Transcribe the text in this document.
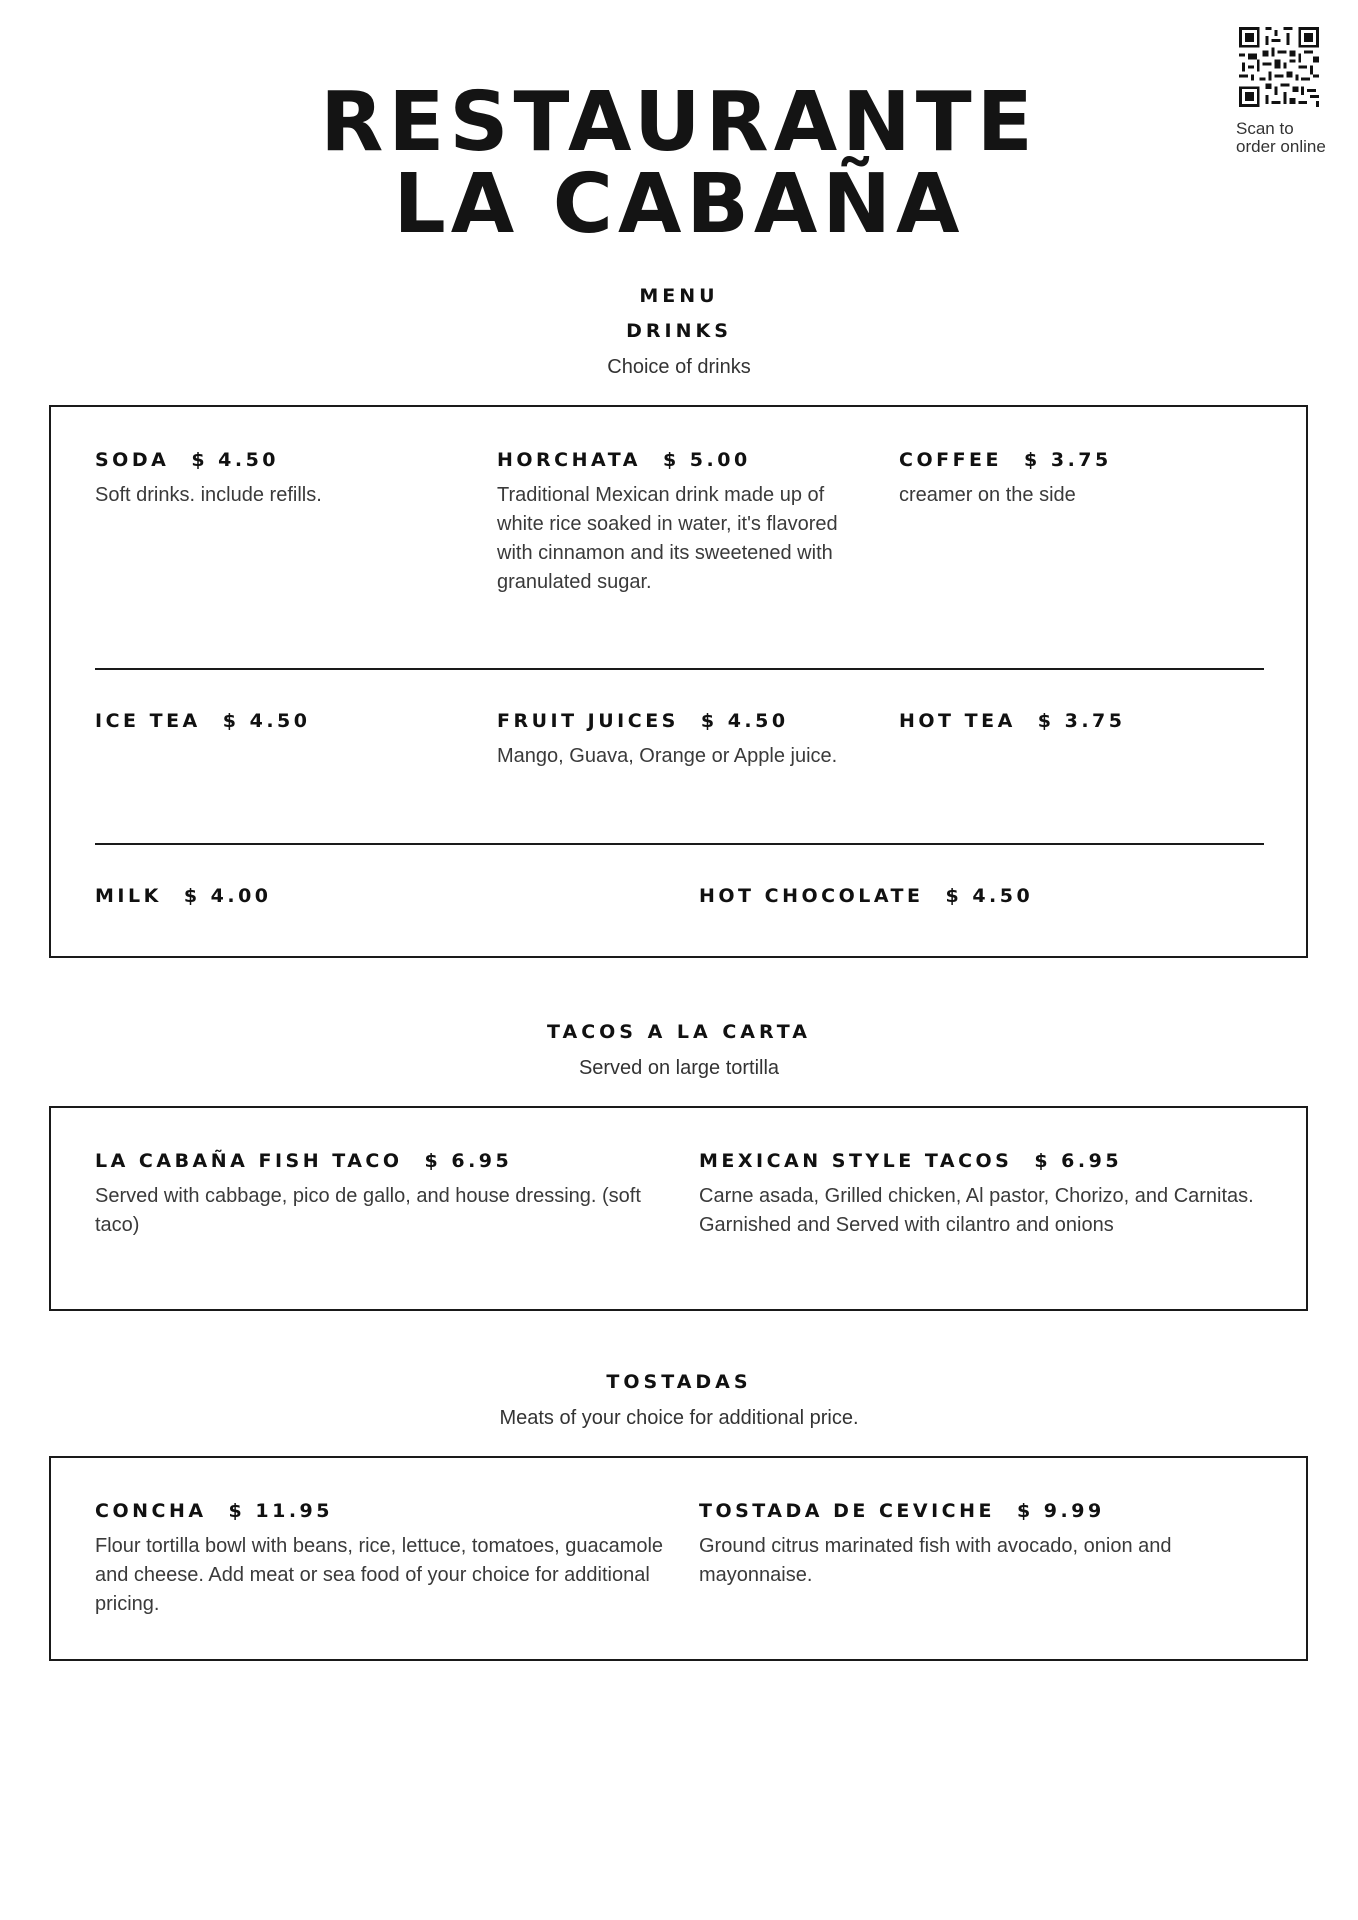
RESTAURANTE
LA CABAÑA
Scan to order online
MENU
DRINKS
Choice of drinks
SODA $ 4.50
Soft drinks. include refills.
HORCHATA $ 5.00
Traditional Mexican drink made up of white rice soaked in water, it's flavored with cinnamon and its sweetened with granulated sugar.
COFFEE $ 3.75
creamer on the side
ICE TEA $ 4.50	FRUIT JUICES $ 4.50
Mango, Guava, Orange or Apple juice.
HOT TEA $ 3.75
MILK $ 4.00	HOT CHOCOLATE $ 4.50
TACOS A LA CARTA
Served on large tortilla
LA CABAÑA FISH TACO $ 6.95
Served with cabbage, pico de gallo, and house dressing. (soft taco)
MEXICAN STYLE TACOS $ 6.95
Carne asada, Grilled chicken, Al pastor, Chorizo, and Carnitas. Garnished and Served with cilantro and onions
TOSTADAS
Meats of your choice for additional price.
CONCHA $ 11.95
Flour tortilla bowl with beans, rice, lettuce, tomatoes, guacamole and cheese. Add meat or sea food of your choice for additional pricing.
TOSTADA DE CEVICHE $ 9.99
Ground citrus marinated fish with avocado, onion and mayonnaise.
